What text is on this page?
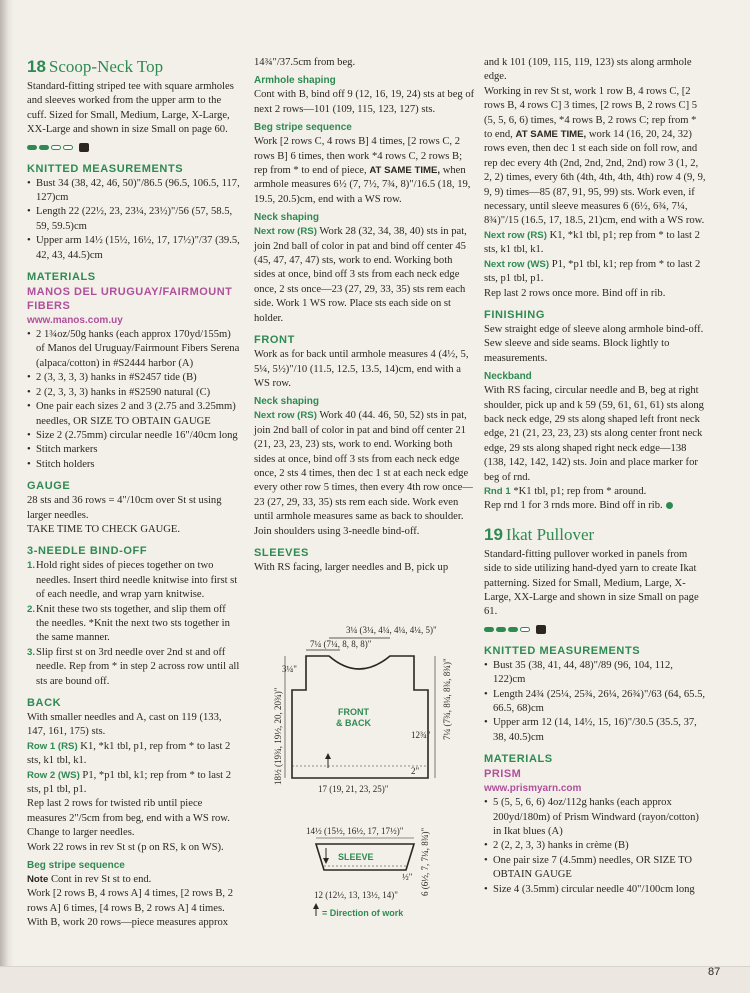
18 Scoop-Neck Top

Standard-fitting striped tee with square armholes and sleeves worked from the upper arm to the cuff. Sized for Small, Medium, Large, X-Large, XX-Large and shown in size Small on page 60.

KNITTED MEASUREMENTS
• Bust 34 (38, 42, 46, 50)"/86.5 (96.5, 106.5, 117, 127)cm
• Length 22 (22½, 23, 23¼, 23½)"/56 (57, 58.5, 59, 59.5)cm
• Upper arm 14½ (15½, 16½, 17, 17½)"/37 (39.5, 42, 43, 44.5)cm
MATERIALS
MANOS DEL URUGUAY/FAIRMOUNT FIBERS
www.manos.com.uy
• 2 1¾oz/50g hanks (each approx 170yd/155m) of Manos del Uruguay/Fairmount Fibers Serena (alpaca/cotton) in #S2444 harbor (A)
• 2 (3, 3, 3, 3) hanks in #S2457 tide (B)
• 2 (2, 3, 3, 3) hanks in #S2590 natural (C)
• One pair each sizes 2 and 3 (2.75 and 3.25mm) needles, OR SIZE TO OBTAIN GAUGE
• Size 2 (2.75mm) circular needle 16"/40cm long
• Stitch markers
• Stitch holders
GAUGE

28 sts and 36 rows = 4"/10cm over St st using larger needles.

TAKE TIME TO CHECK GAUGE.

3-NEEDLE BIND-OFF
1. Hold right sides of pieces together on two needles. Insert third needle knitwise into first st of each needle, and wrap yarn knitwise.
2. Knit these two sts together, and slip them off the needles. *Knit the next two sts together in the same manner.
3. Slip first st on 3rd needle over 2nd st and off needle. Rep from * in step 2 across row until all sts are bound off.
BACK

With smaller needles and A, cast on 119 (133, 147, 161, 175) sts.

Row 1 (RS) K1, *k1 tbl, p1, rep from * to last 2 sts, k1 tbl, k1.

Row 2 (WS) P1, *p1 tbl, k1; rep from * to last 2 sts, p1 tbl, p1.

Rep last 2 rows for twisted rib until piece measures 2"/5cm from beg, end with a WS row. Change to larger needles.

Work 22 rows in rev St st (p on RS, k on WS).

Beg stripe sequence

Note Cont in rev St st to end.

Work [2 rows B, 4 rows A] 4 times, [2 rows B, 2 rows A] 6 times, [4 rows B, 2 rows A] 4 times. With B, work 20 rows—piece measures approx

14¾"/37.5cm from beg.

Armhole shaping

Cont with B, bind off 9 (12, 16, 19, 24) sts at beg of next 2 rows—101 (109, 115, 123, 127) sts.

Beg stripe sequence

Work [2 rows C, 4 rows B] 4 times, [2 rows C, 2 rows B] 6 times, then work *4 rows C, 2 rows B; rep from * to end of piece, AT SAME TIME, when armhole measures 6½ (7, 7½, 7¾, 8)"/16.5 (18, 19, 19.5, 20.5)cm, end with a WS row.

Neck shaping

Next row (RS) Work 28 (32, 34, 38, 40) sts in pat, join 2nd ball of color in pat and bind off center 45 (45, 47, 47, 47) sts, work to end. Working both sides at once, bind off 3 sts from each neck edge once, 2 sts once—23 (27, 29, 33, 35) sts rem each side. Work 1 WS row. Place sts each side on st holder.

FRONT

Work as for back until armhole measures 4 (4½, 5, 5¼, 5½)"/10 (11.5, 12.5, 13.5, 14)cm, end with a WS row.

Neck shaping

Next row (RS) Work 40 (44. 46, 50, 52) sts in pat, join 2nd ball of color in pat and bind off center 21 (21, 23, 23, 23) sts, work to end. Working both sides at once, bind off 3 sts from each neck edge once, 2 sts 4 times, then dec 1 st at each neck edge every other row 5 times, then every 4th row once—23 (27, 29, 33, 35) sts rem each side. Work even until armhole measures same as back to shoulder.

Join shoulders using 3-needle bind-off.

SLEEVES

With RS facing, larger needles and B, pick up

3¼ (3¼, 4¼, 4¼, 4¼, 5)"
7¼ (7¼, 8, 8, 8)"
FRONT
& BACK
3¼"
18½ (19¾, 19½, 20, 20¾)"	12¾" 7¼ (7¾, 8¼, 8¾, 8¾)"
2"
17 (19, 21, 23, 25)"
14½ (15½, 16½, 17, 17½)"
SLEEVE
½" 6 (6½, 7, 7¼, 8¾)"
12 (12½, 13, 13½, 14)"
= Direction of work

and k 101 (109, 115, 119, 123) sts along armhole edge.

Working in rev St st, work 1 row B, 4 rows C, [2 rows B, 4 rows C] 3 times, [2 rows B, 2 rows C] 5 (5, 5, 6, 6) times, *4 rows B, 2 rows C; rep from * to end, AT SAME TIME, work 14 (16, 20, 24, 32) rows even, then dec 1 st each side on foll row, and rep dec every 4th (2nd, 2nd, 2nd, 2nd) row 3 (1, 2, 2, 2) times, every 6th (4th, 4th, 4th, 4th) row 4 (9, 9, 9, 9) times—85 (87, 91, 95, 99) sts. Work even, if necessary, until sleeve measures 6 (6½, 6¾, 7¼, 8¾)"/15 (16.5, 17, 18.5, 21)cm, end with a WS row.

Next row (RS) K1, *k1 tbl, p1; rep from * to last 2 sts, k1 tbl, k1.

Next row (WS) P1, *p1 tbl, k1; rep from * to last 2 sts, p1 tbl, p1.

Rep last 2 rows once more. Bind off in rib.

FINISHING

Sew straight edge of sleeve along armhole bind-off. Sew sleeve and side seams. Block lightly to measurements.

Neckband

With RS facing, circular needle and B, beg at right shoulder, pick up and k 59 (59, 61, 61, 61) sts along back neck edge, 29 sts along shaped left front neck edge, 21 (21, 23, 23, 23) sts along center front neck edge, 29 sts along shaped right neck edge—138 (138, 142, 142, 142) sts. Join and place marker for beg of rnd.

Rnd 1 *K1 tbl, p1; rep from * around.

Rep rnd 1 for 3 rnds more. Bind off in rib.

19 Ikat Pullover

Standard-fitting pullover worked in panels from side to side utilizing hand-dyed yarn to create Ikat patterning. Sized for Small, Medium, Large, X-Large, XX-Large and shown in size Small on page 61.

KNITTED MEASUREMENTS
• Bust 35 (38, 41, 44, 48)"/89 (96, 104, 112, 122)cm
• Length 24¾ (25¼, 25¾, 26¼, 26¾)"/63 (64, 65.5, 66.5, 68)cm
• Upper arm 12 (14, 14½, 15, 16)"/30.5 (35.5, 37, 38, 40.5)cm
MATERIALS
PRISM
www.prismyarn.com
• 5 (5, 5, 6, 6) 4oz/112g hanks (each approx 200yd/180m) of Prism Windward (rayon/cotton) in Ikat blues (A)
• 2 (2, 2, 3, 3) hanks in crème (B)
• One pair size 7 (4.5mm) needles, OR SIZE TO OBTAIN GAUGE
• Size 4 (3.5mm) circular needle 40"/100cm long
87
